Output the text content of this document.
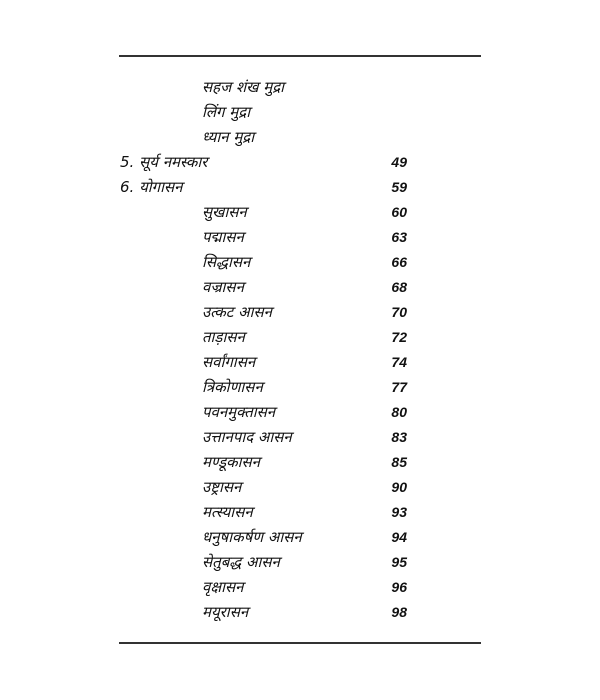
सहज शंख मुद्रा
लिंग मुद्रा
ध्यान मुद्रा
5. सूर्य नमस्कार	49
6. योगासन	59
सुखासन	60
पद्मासन	63
सिद्धासन	66
वज्रासन	68
उत्कट आसन	70
ताड़ासन	72
सर्वांगासन	74
त्रिकोणासन	77
पवनमुक्तासन	80
उत्तानपाद आसन	83
मण्डूकासन	85
उष्ट्रासन	90
मत्स्यासन	93
धनुषाकर्षण आसन	94
सेतुबद्ध आसन	95
वृक्षासन	96
मयूरासन	98
